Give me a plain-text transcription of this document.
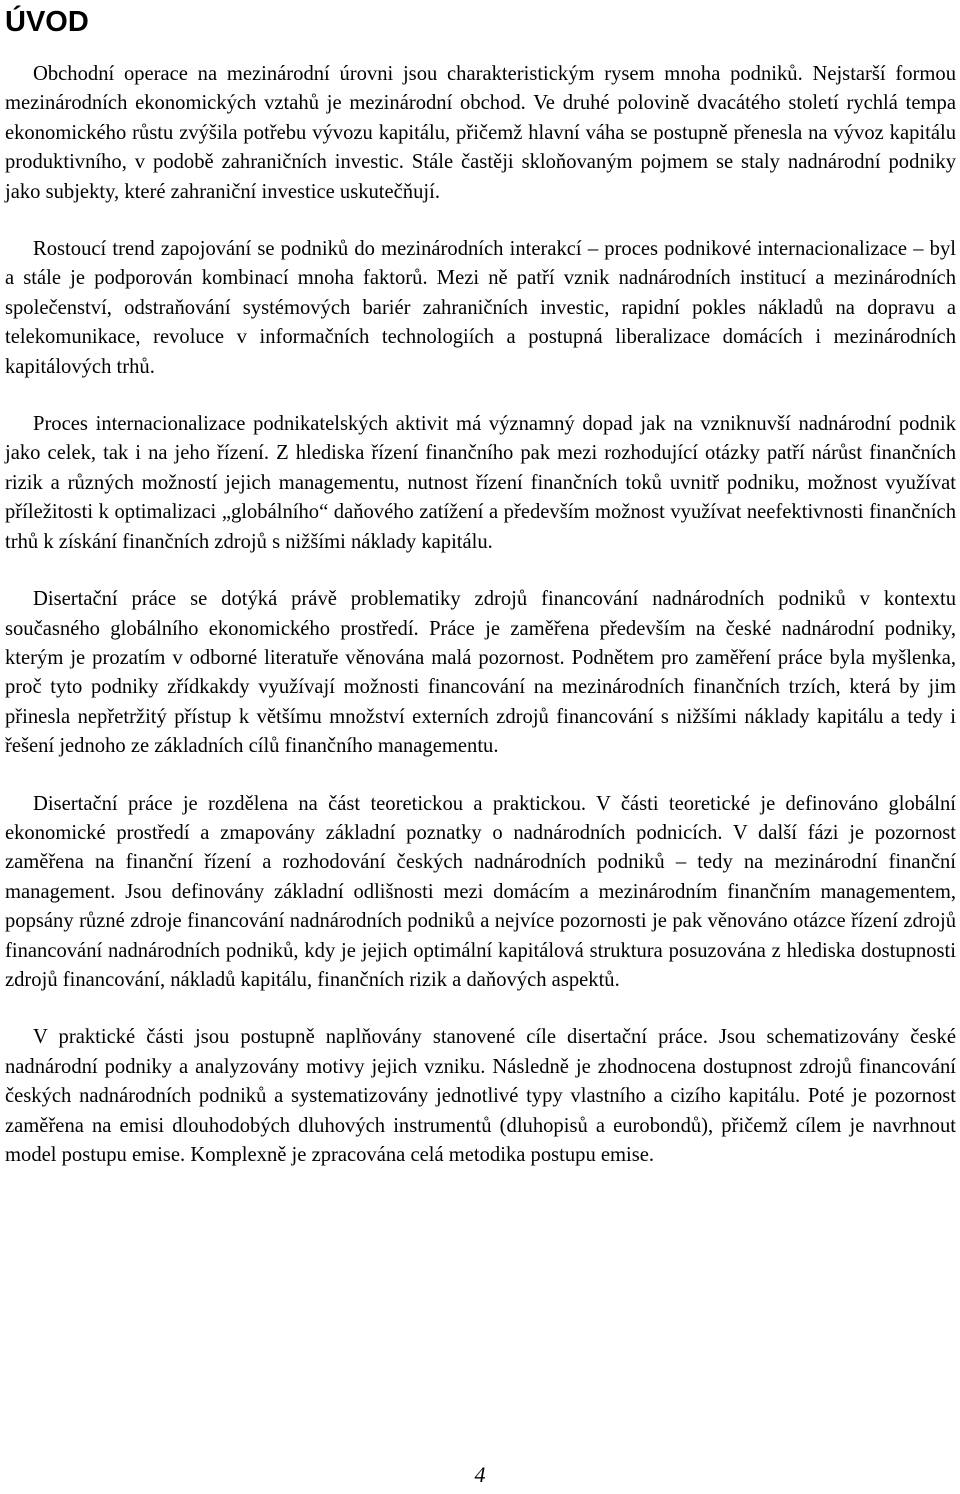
ÚVOD

Obchodní operace na mezinárodní úrovni jsou charakteristickým rysem mnoha podniků. Nejstarší formou mezinárodních ekonomických vztahů je mezinárodní obchod. Ve druhé polovině dvacátého století rychlá tempa ekonomického růstu zvýšila potřebu vývozu kapitálu, přičemž hlavní váha se postupně přenesla na vývoz kapitálu produktivního, v podobě zahraničních investic. Stále častěji skloňovaným pojmem se staly nadnárodní podniky jako subjekty, které zahraniční investice uskutečňují.

Rostoucí trend zapojování se podniků do mezinárodních interakcí – proces podnikové internacionalizace – byl a stále je podporován kombinací mnoha faktorů. Mezi ně patří vznik nadnárodních institucí a mezinárodních společenství, odstraňování systémových bariér zahraničních investic, rapidní pokles nákladů na dopravu a telekomunikace, revoluce v informačních technologiích a postupná liberalizace domácích i mezinárodních kapitálových trhů.

Proces internacionalizace podnikatelských aktivit má významný dopad jak na vzniknuvší nadnárodní podnik jako celek, tak i na jeho řízení. Z hlediska řízení finančního pak mezi rozhodující otázky patří nárůst finančních rizik a různých možností jejich managementu, nutnost řízení finančních toků uvnitř podniku, možnost využívat příležitosti k optimalizaci „globálního“ daňového zatížení a především možnost využívat neefektivnosti finančních trhů k získání finančních zdrojů s nižšími náklady kapitálu.

Disertační práce se dotýká právě problematiky zdrojů financování nadnárodních podniků v kontextu současného globálního ekonomického prostředí. Práce je zaměřena především na české nadnárodní podniky, kterým je prozatím v odborné literatuře věnována malá pozornost. Podnětem pro zaměření práce byla myšlenka, proč tyto podniky zřídkakdy využívají možnosti financování na mezinárodních finančních trzích, která by jim přinesla nepřetržitý přístup k většímu množství externích zdrojů financování s nižšími náklady kapitálu a tedy i řešení jednoho ze základních cílů finančního managementu.

Disertační práce je rozdělena na část teoretickou a praktickou. V části teoretické je definováno globální ekonomické prostředí a zmapovány základní poznatky o nadnárodních podnicích. V další fázi je pozornost zaměřena na finanční řízení a rozhodování českých nadnárodních podniků – tedy na mezinárodní finanční management. Jsou definovány základní odlišnosti mezi domácím a mezinárodním finančním managementem, popsány různé zdroje financování nadnárodních podniků a nejvíce pozornosti je pak věnováno otázce řízení zdrojů financování nadnárodních podniků, kdy je jejich optimální kapitálová struktura posuzována z hlediska dostupnosti zdrojů financování, nákladů kapitálu, finančních rizik a daňových aspektů.

V praktické části jsou postupně naplňovány stanovené cíle disertační práce. Jsou schematizovány české nadnárodní podniky a analyzovány motivy jejich vzniku. Následně je zhodnocena dostupnost zdrojů financování českých nadnárodních podniků a systematizovány jednotlivé typy vlastního a cizího kapitálu. Poté je pozornost zaměřena na emisi dlouhodobých dluhových instrumentů (dluhopisů a eurobondů), přičemž cílem je navrhnout model postupu emise. Komplexně je zpracována celá metodika postupu emise.

4
